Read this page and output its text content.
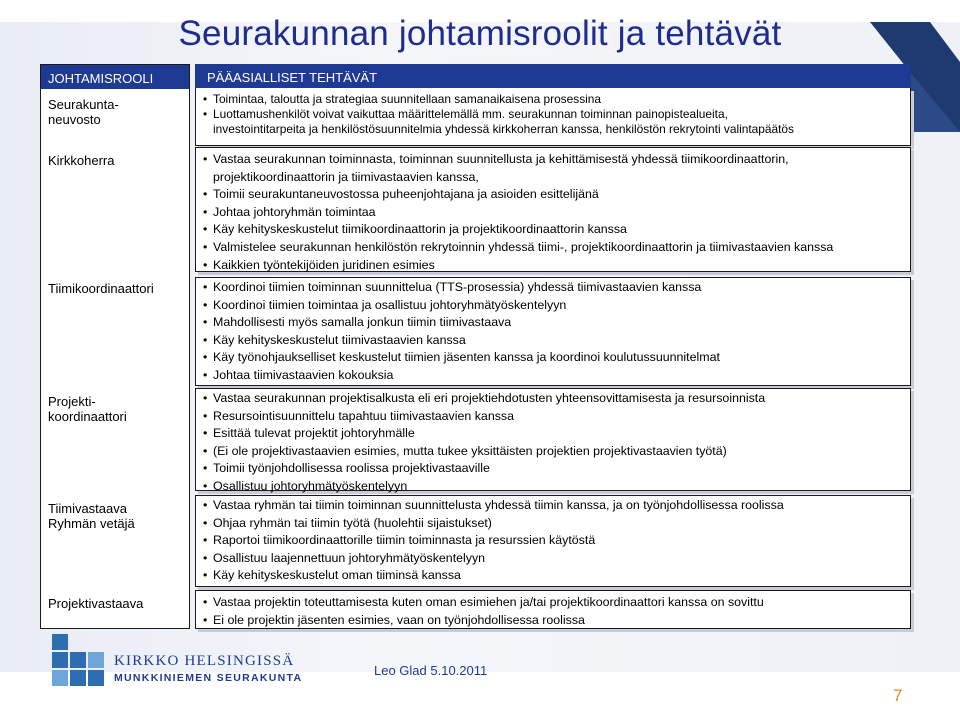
Seurakunnan johtamisroolit ja tehtävät
JOHTAMISROOLI
Seurakunta-
neuvosto
Kirkkoherra
Tiimikoordinaattori
Projekti-
koordinaattori
Tiimivastaava
Ryhmän vetäjä
Projektivastaava
PÄÄASIALLISET TEHTÄVÄT
• Toimintaa, taloutta ja strategiaa suunnitellaan samanaikaisena prosessina
• Luottamushenkilöt voivat vaikuttaa määrittelemällä mm. seurakunnan toiminnan painopistealueita,
investointitarpeita ja henkilöstösuunnitelmia yhdessä kirkkoherran kanssa, henkilöstön rekrytointi valintapäätös
• Vastaa seurakunnan toiminnasta, toiminnan suunnitellusta ja kehittämisestä yhdessä tiimikoordinaattorin,
projektikoordinaattorin ja tiimivastaavien kanssa,
• Toimii seurakuntaneuvostossa puheenjohtajana ja asioiden esittelijänä
• Johtaa johtoryhmän toimintaa
• Käy kehityskeskustelut tiimikoordinaattorin ja projektikoordinaattorin kanssa
• Valmistelee seurakunnan henkilöstön rekrytoinnin yhdessä tiimi-, projektikoordinaattorin ja tiimivastaavien kanssa
• Kaikkien työntekijöiden juridinen esimies
• Koordinoi tiimien toiminnan suunnittelua (TTS-prosessia) yhdessä tiimivastaavien kanssa
• Koordinoi tiimien toimintaa ja osallistuu johtoryhmätyöskentelyyn
• Mahdollisesti myös samalla jonkun tiimin tiimivastaava
• Käy kehityskeskustelut tiimivastaavien kanssa
• Käy työnohjaukselliset keskustelut tiimien jäsenten kanssa ja koordinoi koulutussuunnitelmat
• Johtaa tiimivastaavien kokouksia
• Vastaa seurakunnan projektisalkusta eli eri projektiehdotusten yhteensovittamisesta ja resursoinnista
• Resursointisuunnittelu tapahtuu tiimivastaavien kanssa
• Esittää tulevat projektit johtoryhmälle
• (Ei ole projektivastaavien esimies, mutta tukee yksittäisten projektien projektivastaavien työtä)
• Toimii työnjohdollisessa roolissa projektivastaaville
• Osallistuu johtoryhmätyöskentelyyn
• Vastaa ryhmän tai tiimin toiminnan suunnittelusta yhdessä tiimin kanssa, ja on työnjohdollisessa roolissa
• Ohjaa ryhmän tai tiimin työtä (huolehtii sijaistukset)
• Raportoi tiimikoordinaattorille tiimin toiminnasta ja resurssien käytöstä
• Osallistuu laajennettuun johtoryhmätyöskentelyyn
• Käy kehityskeskustelut oman tiiminsä kanssa
• Vastaa projektin toteuttamisesta kuten oman esimiehen ja/tai projektikoordinaattori kanssa on sovittu
• Ei ole projektin jäsenten esimies, vaan on työnjohdollisessa roolissa
KIRKKO HELSINGISSÄ
MUNKKINIEMEN SEURAKUNTA	Leo Glad 5.10.2011
7
